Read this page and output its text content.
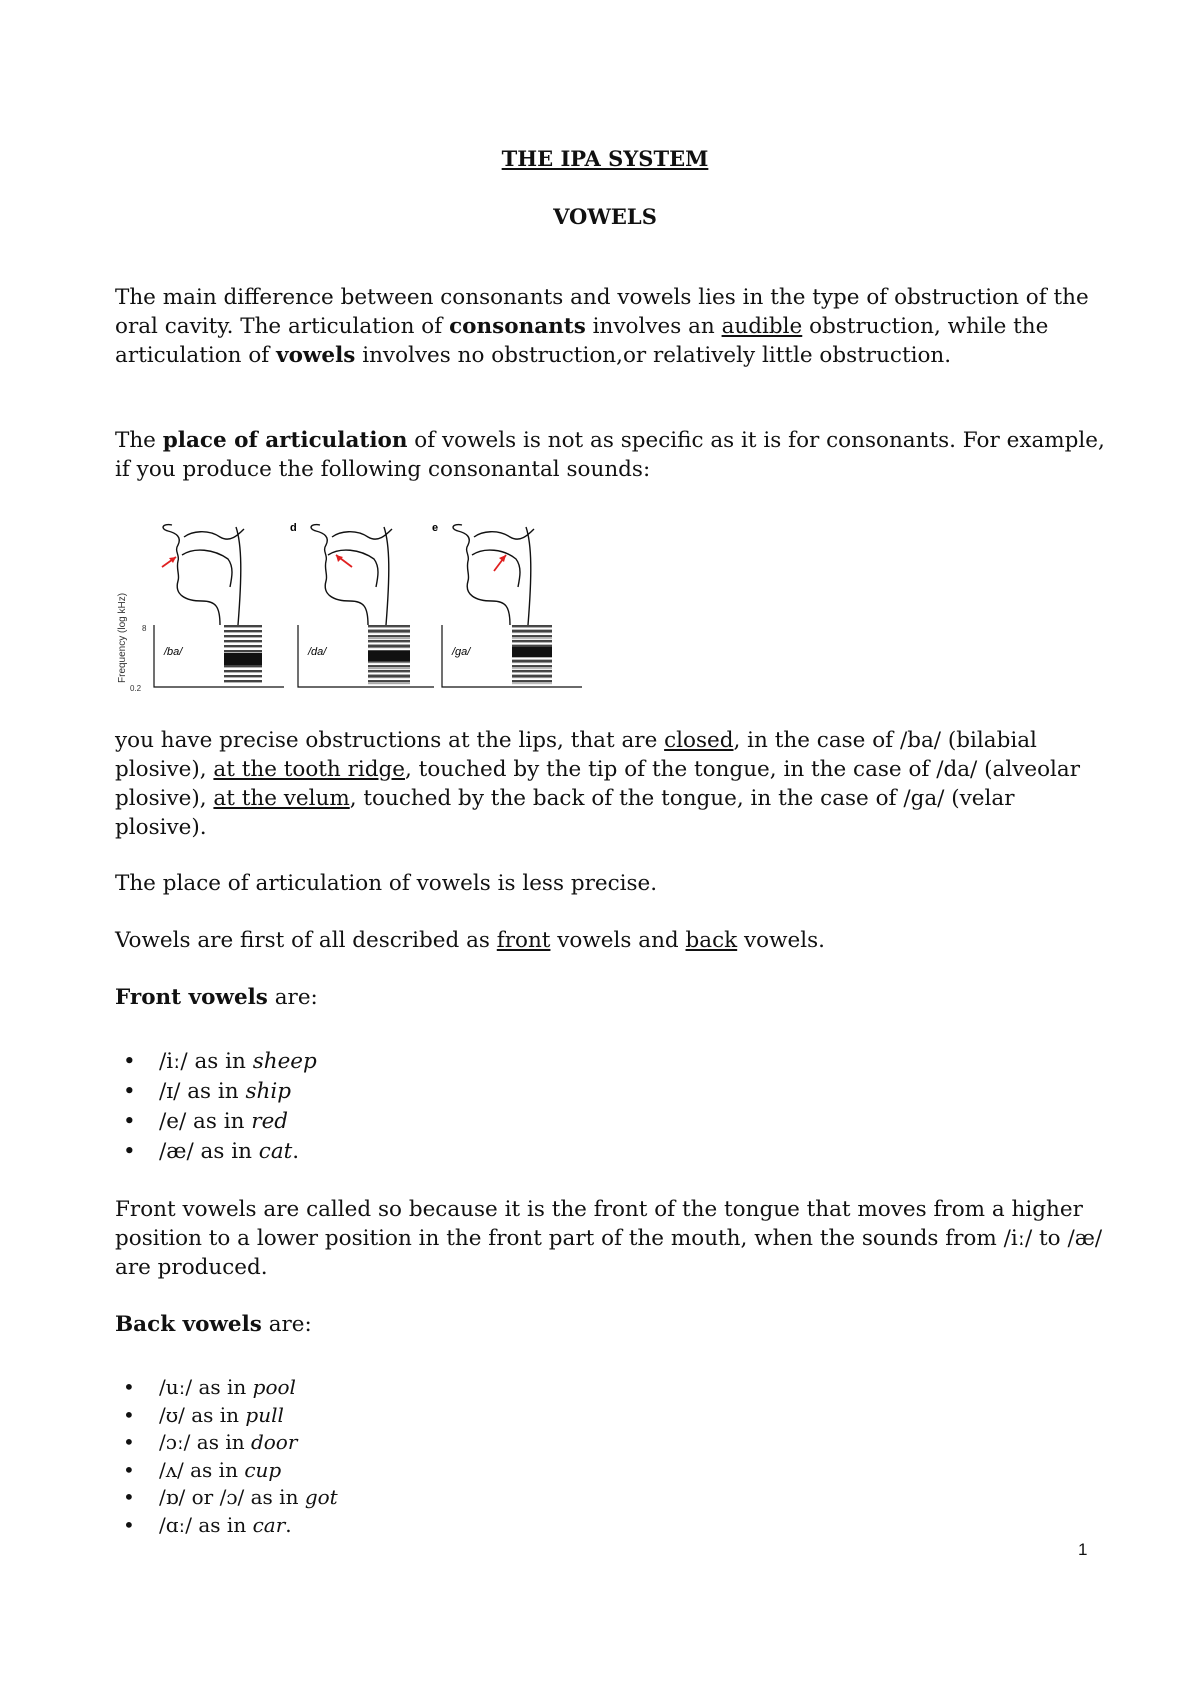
THE IPA SYSTEM
VOWELS

The main difference between consonants and vowels lies in the type of obstruction of the oral cavity. The articulation of consonants involves an audible obstruction, while the articulation of vowels involves no obstruction,or relatively little obstruction.

The place of articulation of vowels is not as specific as it is for consonants. For example, if you produce the following consonantal sounds:

d	e
Frequency (log kHz) 8
0.2
/ba/	/da/	/ga/

you have precise obstructions at the lips, that are closed, in the case of /ba/ (bilabial plosive), at the tooth ridge, touched by the tip of the tongue, in the case of /da/ (alveolar plosive), at the velum, touched by the back of the tongue, in the case of /ga/ (velar plosive).

The place of articulation of vowels is less precise.

Vowels are first of all described as front vowels and back vowels.

Front vowels are:

• /iː/ as in sheep
• /ɪ/ as in ship
• /e/ as in red
• /æ/ as in cat.

Front vowels are called so because it is the front of the tongue that moves from a higher position to a lower position in the front part of the mouth, when the sounds from /iː/ to /æ/ are produced.

Back vowels are:

• /uː/ as in pool
• /ʊ/ as in pull
• /ɔː/ as in door
• /ʌ/ as in cup
• /ɒ/ or /ɔ/ as in got
• /ɑː/ as in car.
1
